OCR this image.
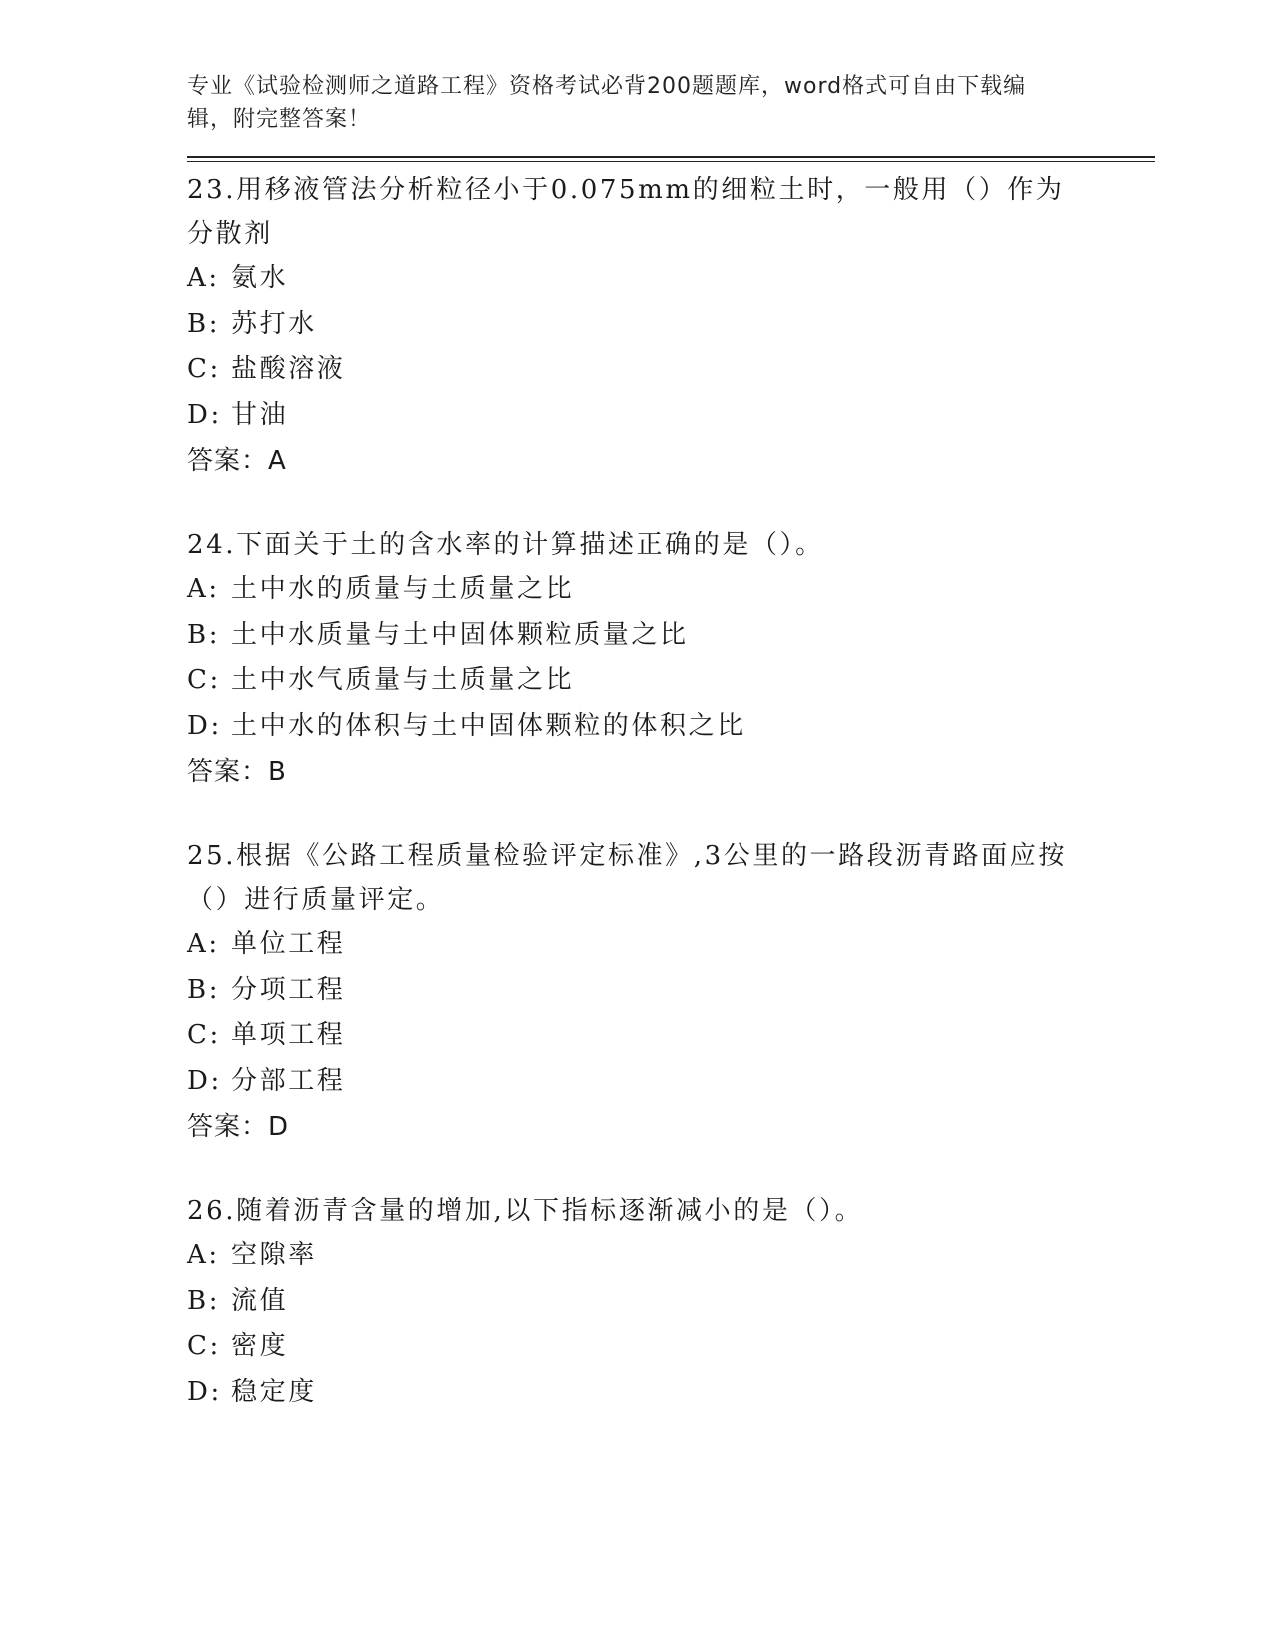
专业《试验检测师之道路工程》资格考试必背200题题库，word格式可自由下载编辑，附完整答案！
23.用移液管法分析粒径小于0.075mm的细粒土时，一般用（）作为分散剂
A: 氨水
B: 苏打水
C: 盐酸溶液
D: 甘油
答案：A
24.下面关于土的含水率的计算描述正确的是（）。
A: 土中水的质量与土质量之比
B: 土中水质量与土中固体颗粒质量之比
C: 土中水气质量与土质量之比
D: 土中水的体积与土中固体颗粒的体积之比
答案：B
25.根据《公路工程质量检验评定标准》,3公里的一路段沥青路面应按（）进行质量评定。
A: 单位工程
B: 分项工程
C: 单项工程
D: 分部工程
答案：D
26.随着沥青含量的增加,以下指标逐渐减小的是（）。
A: 空隙率
B: 流值
C: 密度
D: 稳定度
